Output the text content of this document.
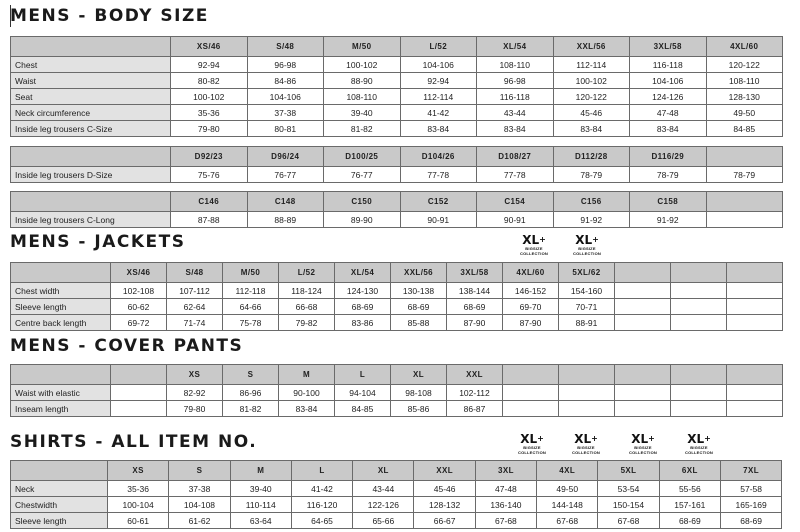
MENS - BODY SIZE
	XS/46	S/48	M/50	L/52	XL/54	XXL/56	3XL/58	4XL/60
Chest	92-94	96-98	100-102	104-106	108-110	112-114	116-118	120-122
Waist	80-82	84-86	88-90	92-94	96-98	100-102	104-106	108-110
Seat	100-102	104-106	108-110	112-114	116-118	120-122	124-126	128-130
Neck circumference	35-36	37-38	39-40	41-42	43-44	45-46	47-48	49-50
Inside leg trousers C-Size	79-80	80-81	81-82	83-84	83-84	83-84	83-84	84-85
	D92/23	D96/24	D100/25	D104/26	D108/27	D112/28	D116/29	
Inside leg trousers D-Size	75-76	76-77	76-77	77-78	77-78	78-79	78-79	78-79
	C146	C148	C150	C152	C154	C156	C158	
Inside leg trousers C-Long	87-88	88-89	89-90	90-91	90-91	91-92	91-92	
MENS - JACKETS	XL+
BIGSIZE
COLLECTION
XL+
BIGSIZE
COLLECTION
	XS/46	S/48	M/50	L/52	XL/54	XXL/56	3XL/58	4XL/60	5XL/62			
Chest width	102-108	107-112	112-118	118-124	124-130	130-138	138-144	146-152	154-160			
Sleeve length	60-62	62-64	64-66	66-68	68-69	68-69	68-69	69-70	70-71			
Centre back length	69-72	71-74	75-78	79-82	83-86	85-88	87-90	87-90	88-91			
MENS - COVER PANTS
		XS	S	M	L	XL	XXL					
Waist with elastic		82-92	86-96	90-100	94-104	98-108	102-112					
Inseam length		79-80	81-82	83-84	84-85	85-86	86-87					
SHIRTS - ALL ITEM NO.	XL+
BIGSIZE
COLLECTION
XL+
BIGSIZE
COLLECTION
XL+
BIGSIZE
COLLECTION
XL+
BIGSIZE
COLLECTION
	XS	S	M	L	XL	XXL	3XL	4XL	5XL	6XL	7XL
Neck	35-36	37-38	39-40	41-42	43-44	45-46	47-48	49-50	53-54	55-56	57-58
Chestwidth	100-104	104-108	110-114	116-120	122-126	128-132	136-140	144-148	150-154	157-161	165-169
Sleeve length	60-61	61-62	63-64	64-65	65-66	66-67	67-68	67-68	67-68	68-69	68-69
